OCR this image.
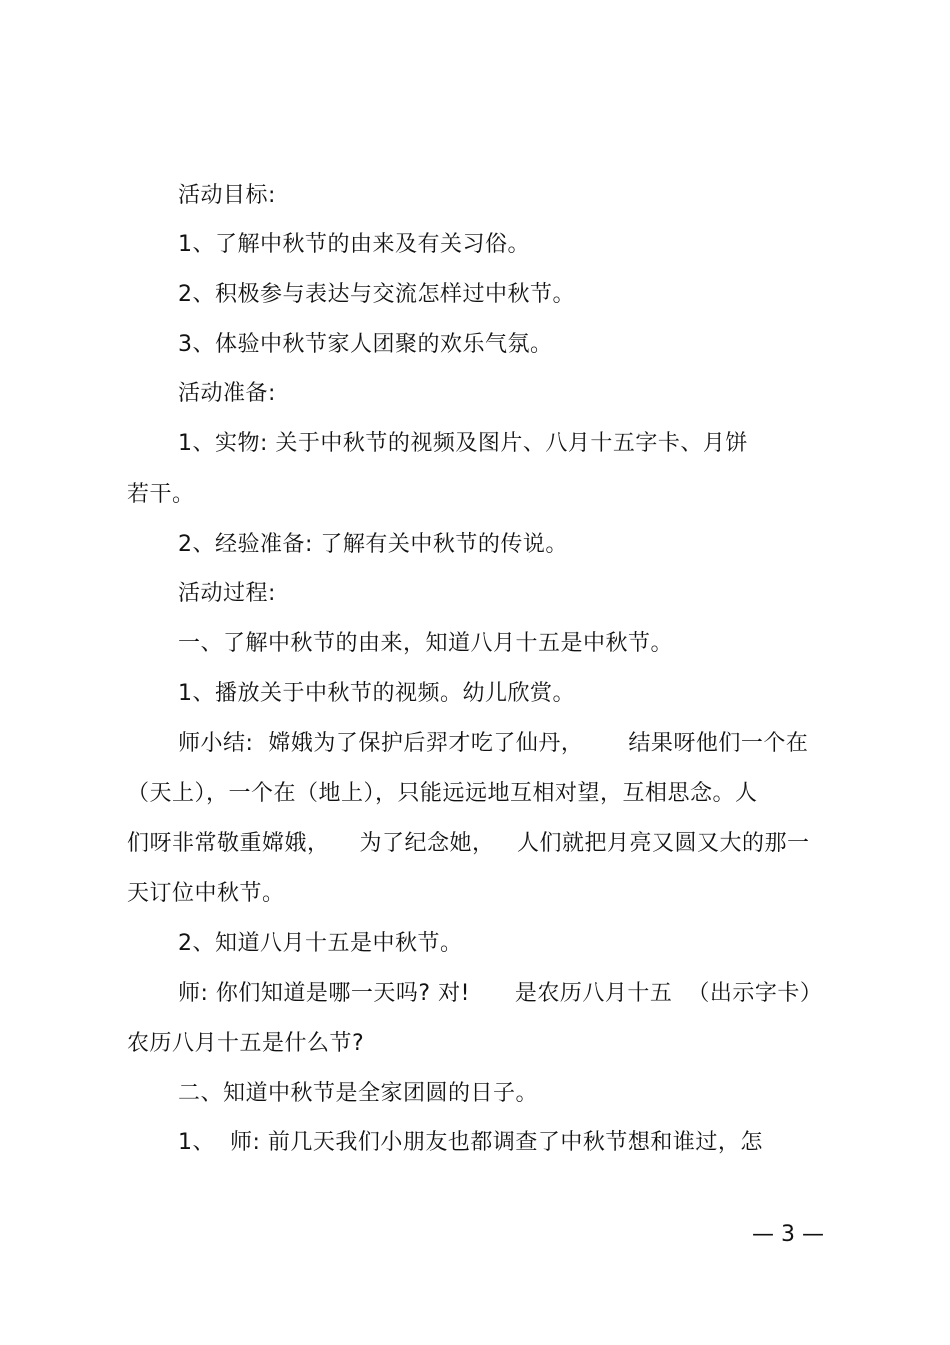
活动目标:
1、了解中秋节的由来及有关习俗。
2、积极参与表达与交流怎样过中秋节。
3、体验中秋节家人团聚的欢乐气氛。
活动准备:
1、实物: 关于中秋节的视频及图片、八月十五字卡、月饼
若干。
2、经验准备: 了解有关中秋节的传说。
活动过程:
一、了解中秋节的由来，知道八月十五是中秋节。
1、播放关于中秋节的视频。幼儿欣赏。
师小结:  嫦娥为了保护后羿才吃了仙丹，      结果呀他们一个在
（天上），一个在（地上），只能远远地互相对望，互相思念。人
们呀非常敬重嫦娥，    为了纪念她，   人们就把月亮又圆又大的那一
天订位中秋节。
2、知道八月十五是中秋节。
师: 你们知道是哪一天吗? 对!      是农历八月十五  （出示字卡）
农历八月十五是什么节?
二、知道中秋节是全家团圆的日子。
1、  师: 前几天我们小朋友也都调查了中秋节想和谁过，怎
— 3 —
